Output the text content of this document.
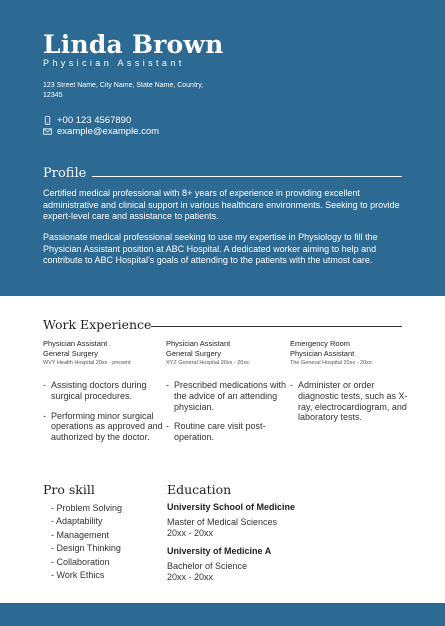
Linda Brown
Physician Assistant
123 Street Name, City Name, State Name, Country, 12345
+00 123 4567890
example@example.com
Profile

Certified medical professional with 8+ years of experience in providing excellent administrative and clinical support in various healthcare environments. Seeking to provide expert-level care and assistance to patients.

Passionate medical professional seeking to use my expertise in Physiology to fill the Physician Assistant position at ABC Hospital. A dedicated worker aiming to help and contribute to ABC Hospital's goals of attending to the patients with the utmost care.

Work Experience
Physician Assistant
General Surgery
WVY Health Hospital 20xx - present
- Assisting doctors during surgical procedures.
- Performing minor surgical operations as approved and authorized by the doctor.
Physician Assistant
General Surgery
XYZ General Hospital 20xx - 20xx
- Prescribed medications with the advice of an attending physician.
- Routine care visit post-operation.
Emergency Room
Physician Assistant
The General Hospital 20xx - 20xx
- Administer or order diagnostic tests, such as X-ray, electrocardiogram, and laboratory tests.
Pro skill
- Problem Solving
- Adaptability
- Management
- Design Thinking
- Collaboration
- Work Ethics
Education
University School of Medicine
Master of Medical Sciences
20xx - 20xx
University of Medicine A
Bachelor of Science
20xx - 20xx
